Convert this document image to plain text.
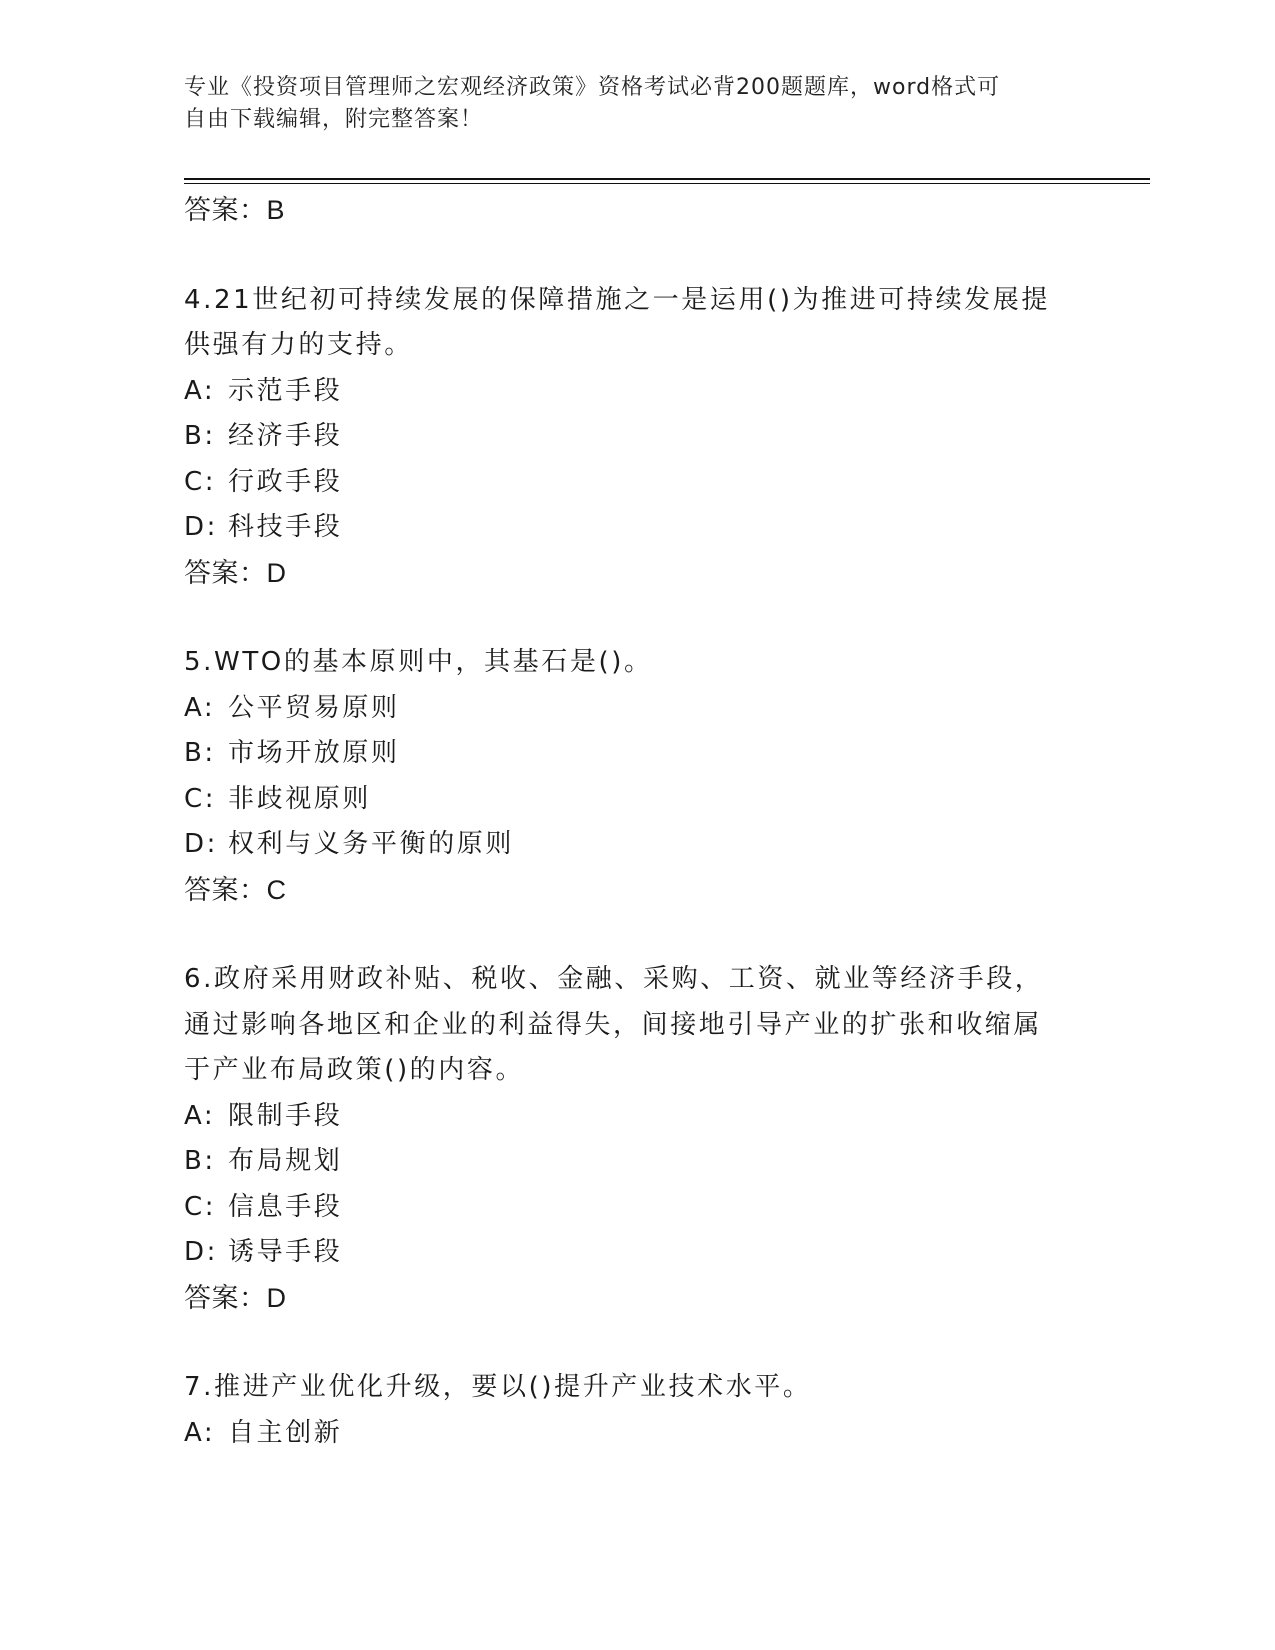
专业《投资项目管理师之宏观经济政策》资格考试必背200题题库，word格式可
自由下载编辑，附完整答案！
答案：B
4.21世纪初可持续发展的保障措施之一是运用()为推进可持续发展提
供强有力的支持。
A: 示范手段
B: 经济手段
C: 行政手段
D: 科技手段
答案：D
5.WTO的基本原则中，其基石是()。
A: 公平贸易原则
B: 市场开放原则
C: 非歧视原则
D: 权利与义务平衡的原则
答案：C
6.政府采用财政补贴、税收、金融、采购、工资、就业等经济手段，
通过影响各地区和企业的利益得失，间接地引导产业的扩张和收缩属
于产业布局政策()的内容。
A: 限制手段
B: 布局规划
C: 信息手段
D: 诱导手段
答案：D
7.推进产业优化升级，要以()提升产业技术水平。
A: 自主创新
